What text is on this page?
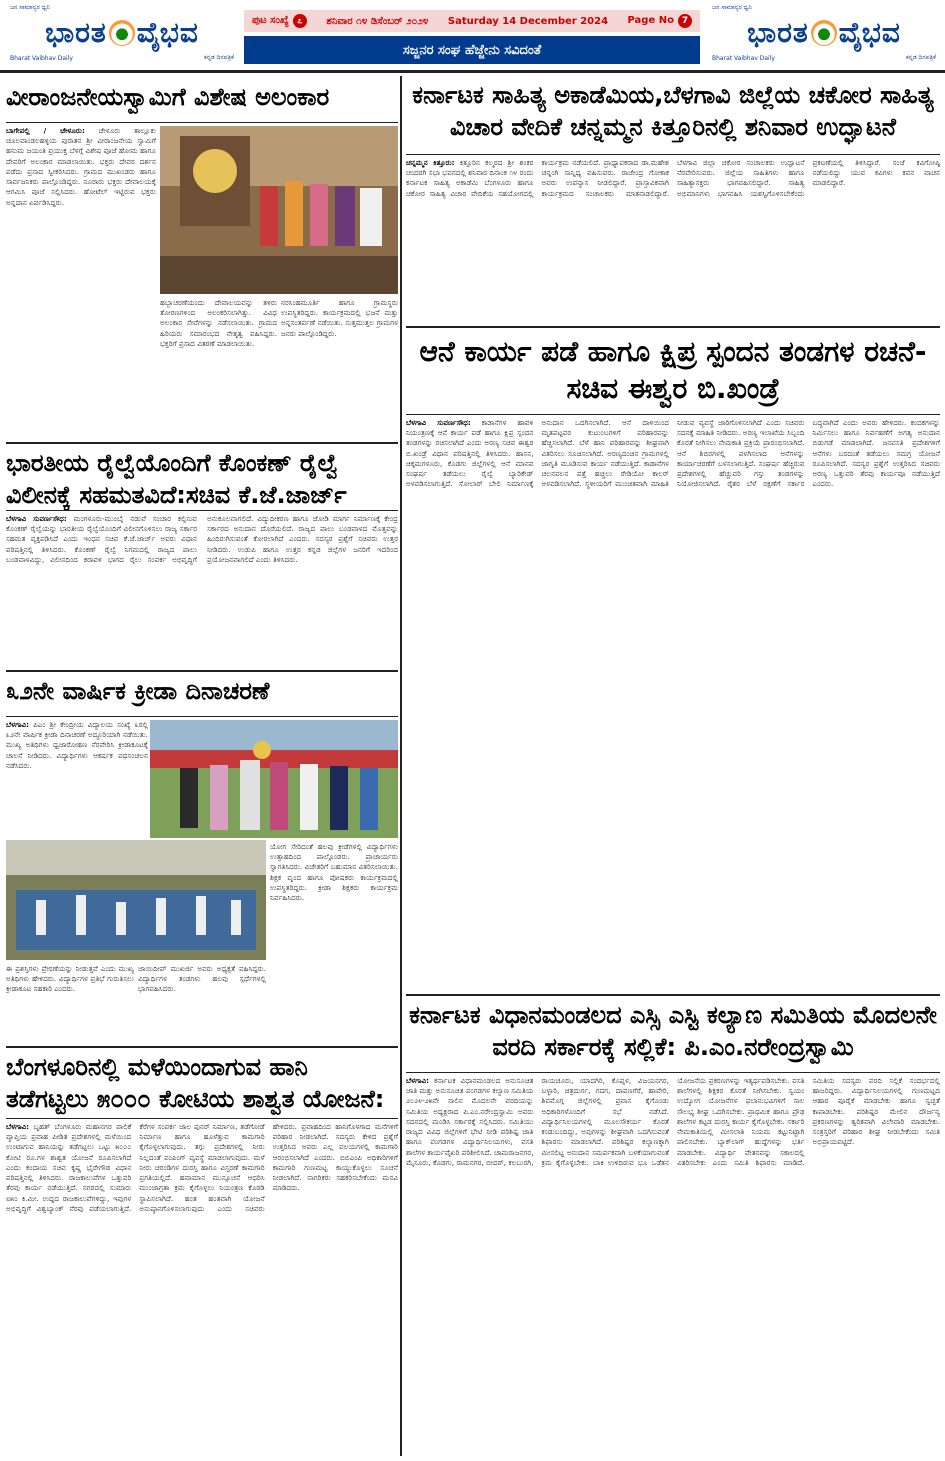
ಜನ ಸಾಮಾನ್ಯರ ಧ್ವನಿ
ಭಾರತ ವೈಭವ
Bharat Vaibhav Daily	ಕನ್ನಡ ದಿನಪತ್ರಿಕೆ
ಪುಟ ಸಂಖ್ಯೆ ೭	ಶನಿವಾರ ೧೪ ಡಿಸೆಂಬರ್ ೨೦೨೪ Saturday 14 December 2024 Page No 7
ಸಜ್ಜನರ ಸಂಘ ಹೆಜ್ಜೇನು ಸವಿದಂತೆ
ಜನ ಸಾಮಾನ್ಯರ ಧ್ವನಿ
ಭಾರತ ವೈಭವ
Bharat Vaibhav Daily	ಕನ್ನಡ ದಿನಪತ್ರಿಕೆ
ವೀರಾಂಜನೇಯಸ್ವಾಮಿಗೆ ವಿಶೇಷ ಅಲಂಕಾರ
ಬಾಗೇಪಲ್ಲಿ / ಚೇಳೂರು: ಚೇಳೂರು ತಾಲ್ಲೂಕು ಚೂಲವಾಂಡಲಹಳ್ಳಿಯ ಪುರಾತನ ಶ್ರೀ ವೀರಾಂಜನೇಯ ಸ್ವಾಮಿಗೆ ಹನುಮ ಜಯಂತಿ ಪ್ರಯುಕ್ತ ಬೆಳಗ್ಗೆ ವಿಶೇಷ ಪೂಜೆ ಹೋಮ ಹಾಗೂ ದೇವರಿಗೆ ಅಲಂಕಾರ ಮಾಡಲಾಯಿತು. ಭಕ್ತರು ದೇವರ ದರ್ಶನ ಪಡೆದು ಪ್ರಸಾದ ಸ್ವೀಕರಿಸಿದರು. ಗ್ರಾಮದ ಮುಖಂಡರು ಹಾಗೂ ಸಾರ್ವಜನಿಕರು ಪಾಲ್ಗೊಂಡಿದ್ದರು. ನೂರಾರು ಭಕ್ತರು ದೇವಾಲಯಕ್ಕೆ ಆಗಮಿಸಿ ಪೂಜೆ ಸಲ್ಲಿಸಿದರು. ಹೋಟೆಲ್ ಇಟ್ಟಿರುವ ಭಕ್ತರು ಅನ್ನದಾನ ಏರ್ಪಡಿಸಿದ್ದರು.
ಹಬ್ಬಾಚರಣೆಯಂದು ದೇವಾಲಯವನ್ನು ತಳಿರು ತೋರಣಗಳಿಂದ ಅಲಂಕರಿಸಲಾಗಿತ್ತು. ವಿವಿಧ ಅಲಂಕಾರ ಸೇವೆಗಳನ್ನು ನಡೆಸಲಾಯಿತು. ಗ್ರಾಮದ ಹಿರಿಯರು ಸಮಾರಂಭದ ನೇತೃತ್ವ ವಹಿಸಿದ್ದರು. ಭಕ್ತರಿಗೆ ಪ್ರಸಾದ ವಿತರಣೆ ಮಾಡಲಾಯಿತು.
ನರಸಿಂಹಮೂರ್ತಿ ಹಾಗೂ ಗ್ರಾಮಸ್ಥರು ಉಪಸ್ಥಿತರಿದ್ದರು. ಕಾರ್ಯಕ್ರಮದಲ್ಲಿ ಭಜನೆ ಮತ್ತು ಅನ್ನಸಂತರ್ಪಣೆ ನಡೆಯಿತು. ಸುತ್ತಮುತ್ತಲ ಗ್ರಾಮಗಳ ಜನರು ಪಾಲ್ಗೊಂಡಿದ್ದರು.
ಭಾರತೀಯ ರೈಲ್ವೆಯೊಂದಿಗೆ ಕೊಂಕಣ್ ರೈಲ್ವೆ ವಿಲೀನಕ್ಕೆ ಸಹಮತವಿದೆ:ಸಚಿವ ಕೆ.ಜೆ.ಜಾರ್ಜ್
ಬೆಳಗಾವಿ ಸುವರ್ಣಸೌಧ: ಮಂಗಳೂರು-ಮುಂಬೈ ನಡುವೆ ಸಂಚಾರ ಕಲ್ಪಿಸುವ ಕೊಂಕಣ್ ರೈಲ್ವೆಯನ್ನು ಭಾರತೀಯ ರೈಲ್ವೆಯೊಂದಿಗೆ ವಿಲೀನಗೊಳಿಸಲು ರಾಜ್ಯ ಸರ್ಕಾರ ಸಹಮತ ವ್ಯಕ್ತಪಡಿಸಿದೆ ಎಂದು ಇಂಧನ ಸಚಿವ ಕೆ.ಜೆ.ಜಾರ್ಜ್ ಅವರು ವಿಧಾನ ಪರಿಷತ್ತಿನಲ್ಲಿ ತಿಳಿಸಿದರು. ಕೊಂಕಣ್ ರೈಲ್ವೆ ನಿಗಮದಲ್ಲಿ ರಾಜ್ಯದ ಪಾಲು ಬಂಡವಾಳವಿದ್ದು, ವಿಲೀನದಿಂದ ಕರಾವಳಿ ಭಾಗದ ರೈಲು ಸಂಪರ್ಕ ಅಭಿವೃದ್ಧಿಗೆ ಅನುಕೂಲವಾಗಲಿದೆ. ವಿದ್ಯುದೀಕರಣ ಹಾಗೂ ಜೋಡಿ ಮಾರ್ಗ ನಿರ್ಮಾಣಕ್ಕೆ ಕೇಂದ್ರ ಸರ್ಕಾರದ ಅನುದಾನ ದೊರೆಯಲಿದೆ. ರಾಜ್ಯದ ಪಾಲು ಬಂಡವಾಳದ ಮೊತ್ತವನ್ನು ಹಿಂದಿರುಗಿಸುವಂತೆ ಕೋರಲಾಗಿದೆ ಎಂದರು. ಸದಸ್ಯರ ಪ್ರಶ್ನೆಗೆ ಸಚಿವರು ಉತ್ತರ ನೀಡಿದರು. ಉಡುಪಿ ಹಾಗೂ ಉತ್ತರ ಕನ್ನಡ ಜಿಲ್ಲೆಗಳ ಜನರಿಗೆ ಇದರಿಂದ ಪ್ರಯೋಜನವಾಗಲಿದೆ ಎಂದು ತಿಳಿಸಿದರು.
೩೨ನೇ ವಾರ್ಷಿಕ ಕ್ರೀಡಾ ದಿನಾಚರಣೆ
ಬೆಳಗಾವಿ: ಪಿಎಂ ಶ್ರೀ ಕೇಂದ್ರೀಯ ವಿದ್ಯಾಲಯ ಸಂಖ್ಯೆ ೩ರಲ್ಲಿ ೩೨ನೇ ವಾರ್ಷಿಕ ಕ್ರೀಡಾ ದಿನಾಚರಣೆ ಅದ್ಧೂರಿಯಾಗಿ ನಡೆಯಿತು. ಮುಖ್ಯ ಅತಿಥಿಗಳು ಧ್ವಜಾರೋಹಣ ನೆರವೇರಿಸಿ ಕ್ರೀಡಾಕೂಟಕ್ಕೆ ಚಾಲನೆ ನೀಡಿದರು. ವಿದ್ಯಾರ್ಥಿಗಳು ಆಕರ್ಷಕ ಪಥಸಂಚಲನ ನಡೆಸಿದರು.
ಯೋಗ ಸೇರಿದಂತೆ ಹಲವು ಕ್ರೀಡೆಗಳಲ್ಲಿ ವಿದ್ಯಾರ್ಥಿಗಳು ಉತ್ಸಾಹದಿಂದ ಪಾಲ್ಗೊಂಡರು. ಪ್ರಾಚಾರ್ಯರು ಸ್ವಾಗತಿಸಿದರು. ವಿಜೇತರಿಗೆ ಬಹುಮಾನ ವಿತರಿಸಲಾಯಿತು. ಶಿಕ್ಷಕ ವೃಂದ ಹಾಗೂ ಪೋಷಕರು ಕಾರ್ಯಕ್ರಮದಲ್ಲಿ ಉಪಸ್ಥಿತರಿದ್ದರು. ಕ್ರೀಡಾ ಶಿಕ್ಷಕರು ಕಾರ್ಯಕ್ರಮ ನಿರ್ವಹಿಸಿದರು.
ಈ ಪ್ರಶಸ್ತಿಗಳು ಪ್ರೇರಣೆಯನ್ನು ನೀಡುತ್ತವೆ ಎಂದು ಮುಖ್ಯ ಅತಿಥಿಗಳು ಹೇಳಿದರು. ವಿದ್ಯಾರ್ಥಿಗಳ ಪ್ರತಿಭೆ ಗುರುತಿಸಲು ಕ್ರೀಡಾಕೂಟ ಸಹಕಾರಿ ಎಂದರು.
ಜಾಯಿದೀಪ್ ಮುಖರ್ಜಿ ಅವರು ಅಧ್ಯಕ್ಷತೆ ವಹಿಸಿದ್ದರು. ವಿದ್ಯಾರ್ಥಿಗಳ ತಂಡಗಳು ಹಲವು ಸ್ಪರ್ಧೆಗಳಲ್ಲಿ ಭಾಗವಹಿಸಿದರು.
ಬೆಂಗಳೂರಿನಲ್ಲಿ ಮಳೆಯಿಂದಾಗುವ ಹಾನಿ ತಡೆಗಟ್ಟಲು ೫೦೦೦ ಕೋಟಿಯ ಶಾಶ್ವತ ಯೋಜನೆ:
ಬೆಳಗಾವಿ: ಬೃಹತ್ ಬೆಂಗಳೂರು ಮಹಾನಗರ ಪಾಲಿಕೆ ವ್ಯಾಪ್ತಿಯ ಪ್ರವಾಹ ಪೀಡಿತ ಪ್ರದೇಶಗಳಲ್ಲಿ ಮಳೆಯಿಂದ ಉಂಟಾಗುವ ಹಾನಿಯನ್ನು ತಡೆಗಟ್ಟಲು ಒಟ್ಟು ೫೦೦೦ ಕೋಟಿ ರೂ.ಗಳ ಶಾಶ್ವತ ಯೋಜನೆ ರೂಪಿಸಲಾಗಿದೆ ಎಂದು ಕಂದಾಯ ಸಚಿವ ಕೃಷ್ಣ ಭೈರೇಗೌಡ ವಿಧಾನ ಪರಿಷತ್ತಿನಲ್ಲಿ ತಿಳಿಸಿದರು. ರಾಜಕಾಲುವೆಗಳ ಒತ್ತುವರಿ ತೆರವು ಕಾರ್ಯ ನಡೆಯುತ್ತಿದೆ. ನಗರದಲ್ಲಿ ಸುಮಾರು ೮೫೦ ಕಿ.ಮೀ. ಉದ್ದದ ರಾಜಕಾಲುವೆಗಳಿದ್ದು, ಇವುಗಳ ಅಭಿವೃದ್ಧಿಗೆ ವಿಶ್ವಬ್ಯಾಂಕ್ ನೆರವು ಪಡೆಯಲಾಗುತ್ತಿದೆ. ಕೆರೆಗಳ ಸಂಪರ್ಕ ಜಾಲ ಪುನರ್ ನಿರ್ಮಾಣ, ತಡೆಗೋಡೆ ನಿರ್ಮಾಣ ಹಾಗೂ ಹೂಳೆತ್ತುವ ಕಾಮಗಾರಿ ಕೈಗೊಳ್ಳಲಾಗುವುದು. ತಗ್ಗು ಪ್ರದೇಶಗಳಲ್ಲಿ ನೀರು ನಿಲ್ಲದಂತೆ ಪಂಪಿಂಗ್ ವ್ಯವಸ್ಥೆ ಮಾಡಲಾಗುವುದು. ಮಳೆ ನೀರು ಚರಂಡಿಗಳ ದುರಸ್ತಿ ಹಾಗೂ ವಿಸ್ತರಣೆ ಕಾಮಗಾರಿ ಪ್ರಗತಿಯಲ್ಲಿದೆ. ಹವಾಮಾನ ಮುನ್ಸೂಚನೆ ಆಧರಿಸಿ ಮುಂಜಾಗ್ರತಾ ಕ್ರಮ ಕೈಗೊಳ್ಳಲು ನಿಯಂತ್ರಣ ಕೊಠಡಿ ಸ್ಥಾಪಿಸಲಾಗಿದೆ. ಹಂತ ಹಂತವಾಗಿ ಯೋಜನೆ ಅನುಷ್ಠಾನಗೊಳಿಸಲಾಗುವುದು ಎಂದು ಸಚಿವರು ಹೇಳಿದರು. ಪ್ರವಾಹದಿಂದ ಹಾನಿಗೊಳಗಾದ ಮನೆಗಳಿಗೆ ಪರಿಹಾರ ನೀಡಲಾಗಿದೆ. ಸದಸ್ಯರು ಕೇಳಿದ ಪ್ರಶ್ನೆಗೆ ಉತ್ತರಿಸಿದ ಅವರು ಎಲ್ಲ ವಲಯಗಳಲ್ಲಿ ಕಾಮಗಾರಿ ಆರಂಭಿಸಲಾಗಿದೆ ಎಂದರು. ಬಿಬಿಎಂಪಿ ಅಧಿಕಾರಿಗಳಿಗೆ ಕಾಮಗಾರಿ ಗುಣಮಟ್ಟ ಕಾಯ್ದುಕೊಳ್ಳಲು ಸೂಚನೆ ನೀಡಲಾಗಿದೆ. ನಾಗರಿಕರು ಸಹಕರಿಸಬೇಕೆಂದು ಮನವಿ ಮಾಡಿದರು.
ಕರ್ನಾಟಕ ಸಾಹಿತ್ಯ ಅಕಾಡೆಮಿಯ,ಬೆಳಗಾವಿ ಜಿಲ್ಲೆಯ ಚಕೋರ ಸಾಹಿತ್ಯ ವಿಚಾರ ವೇದಿಕೆ ಚನ್ನಮ್ಮನ ಕಿತ್ತೂರಿನಲ್ಲಿ ಶನಿವಾರ ಉದ್ಘಾಟನೆ
ಚನ್ನಮ್ಮನ ಕಿತ್ತೂರು: ಕಿತ್ತೂರಿನ ಕಲ್ಮಠದ ಶ್ರೀ ಶಂಕರ ಚಂದರಗಿ ಸಭಾ ಭವನದಲ್ಲಿ ಶನಿವಾರ ದಿನಾಂಕ ೧೪ ರಂದು ಕರ್ನಾಟಕ ಸಾಹಿತ್ಯ ಅಕಾಡೆಮಿ ಬೆಂಗಳೂರು ಹಾಗೂ ಚಕೋರ ಸಾಹಿತ್ಯ ವಿಚಾರ ವೇದಿಕೆಯ ಸಹಯೋಗದಲ್ಲಿ ಕಾರ್ಯಕ್ರಮ ನಡೆಯಲಿದೆ. ಪ್ರಾಧ್ಯಾಪಕರಾದ ಡಾ.ಮಹೇಶ ಚನ್ನಂಗಿ ಸಾನ್ನಿಧ್ಯ ವಹಿಸುವರು. ರಾಜೇಂದ್ರ ಗೋಕಾಕ ಅವರು ಉಪನ್ಯಾಸ ನೀಡಲಿದ್ದಾರೆ. ಪ್ರಾಸ್ತಾವಿಕವಾಗಿ ಕಾರ್ಯಕ್ರಮದ ಸಂಚಾಲಕರು ಮಾತನಾಡಲಿದ್ದಾರೆ. ಬೆಳಗಾವಿ ಜಿಲ್ಲಾ ಚಕೋರ ಸಂಚಾಲಕರು ಉದ್ಘಾಟನೆ ನೆರವೇರಿಸುವರು. ಜಿಲ್ಲೆಯ ಸಾಹಿತಿಗಳು ಹಾಗೂ ಸಾಹಿತ್ಯಾಸಕ್ತರು ಭಾಗವಹಿಸಲಿದ್ದಾರೆ. ಸಾಹಿತ್ಯ ಅಭಿಮಾನಿಗಳು ಭಾಗವಹಿಸಿ ಯಶಸ್ವಿಗೊಳಿಸಬೇಕೆಂದು ಪ್ರಕಟಣೆಯಲ್ಲಿ ತಿಳಿಸಿದ್ದಾರೆ. ಸಂಜೆ ಕವಿಗೋಷ್ಠಿ ನಡೆಯಲಿದ್ದು ಯುವ ಕವಿಗಳು ಕವನ ವಾಚನ ಮಾಡಲಿದ್ದಾರೆ.
ಆನೆ ಕಾರ್ಯ ಪಡೆ ಹಾಗೂ ಕ್ಷಿಪ್ರ ಸ್ಪಂದನ ತಂಡಗಳ ರಚನೆ-ಸಚಿವ ಈಶ್ವರ ಬಿ.ಖಂಡ್ರೆ
ಬೆಳಗಾವಿ ಸುವರ್ಣಸೌಧ: ಕಾಡಾನೆಗಳ ಹಾವಳಿ ನಿಯಂತ್ರಣಕ್ಕೆ ಆನೆ ಕಾರ್ಯ ಪಡೆ ಹಾಗೂ ಕ್ಷಿಪ್ರ ಸ್ಪಂದನ ತಂಡಗಳನ್ನು ರಚಿಸಲಾಗಿದೆ ಎಂದು ಅರಣ್ಯ ಸಚಿವ ಈಶ್ವರ ಬಿ.ಖಂಡ್ರೆ ವಿಧಾನ ಪರಿಷತ್ತಿನಲ್ಲಿ ತಿಳಿಸಿದರು. ಹಾಸನ, ಚಿಕ್ಕಮಗಳೂರು, ಕೊಡಗು ಜಿಲ್ಲೆಗಳಲ್ಲಿ ಆನೆ ಮಾನವ ಸಂಘರ್ಷ ತಡೆಯಲು ರೈಲ್ವೆ ಬ್ಯಾರಿಕೇಡ್ ಅಳವಡಿಸಲಾಗುತ್ತಿದೆ. ಸೋಲಾರ್ ಬೇಲಿ ನಿರ್ಮಾಣಕ್ಕೆ ಅನುದಾನ ಒದಗಿಸಲಾಗಿದೆ. ಆನೆ ದಾಳಿಯಿಂದ ಮೃತಪಟ್ಟವರ ಕುಟುಂಬಗಳಿಗೆ ಪರಿಹಾರವನ್ನು ಹೆಚ್ಚಿಸಲಾಗಿದೆ. ಬೆಳೆ ಹಾನಿ ಪರಿಹಾರವನ್ನು ಶೀಘ್ರವಾಗಿ ವಿತರಿಸಲು ಸೂಚಿಸಲಾಗಿದೆ. ಅರಣ್ಯದಂಚಿನ ಗ್ರಾಮಗಳಲ್ಲಿ ಜಾಗೃತಿ ಮೂಡಿಸುವ ಕಾರ್ಯ ನಡೆಯುತ್ತಿದೆ. ಕಾಡಾನೆಗಳ ಚಲನವಲನ ಪತ್ತೆ ಹಚ್ಚಲು ರೇಡಿಯೋ ಕಾಲರ್ ಅಳವಡಿಸಲಾಗಿದೆ. ಸ್ಥಳೀಯರಿಗೆ ಮುಂಚಿತವಾಗಿ ಮಾಹಿತಿ ನೀಡುವ ವ್ಯವಸ್ಥೆ ಜಾರಿಗೊಳಿಸಲಾಗಿದೆ ಎಂದು ಸಚಿವರು ಸದನಕ್ಕೆ ಮಾಹಿತಿ ನೀಡಿದರು. ಅರಣ್ಯ ಇಲಾಖೆಯ ಸಿಬ್ಬಂದಿ ಕೊರತೆ ನೀಗಿಸಲು ನೇಮಕಾತಿ ಪ್ರಕ್ರಿಯೆ ಪ್ರಾರಂಭಿಸಲಾಗಿದೆ. ಆನೆ ಶಿಬಿರಗಳಲ್ಲಿ ಪಳಗಿಸಲಾದ ಆನೆಗಳನ್ನು ಕಾರ್ಯಾಚರಣೆಗೆ ಬಳಸಲಾಗುತ್ತಿದೆ. ಸಂಘರ್ಷ ಹೆಚ್ಚಿರುವ ಪ್ರದೇಶಗಳಲ್ಲಿ ಹೆಚ್ಚುವರಿ ಗಸ್ತು ತಂಡಗಳನ್ನು ನಿಯೋಜಿಸಲಾಗಿದೆ. ರೈತರ ಬೆಳೆ ರಕ್ಷಣೆಗೆ ಸರ್ಕಾರ ಬದ್ಧವಾಗಿದೆ ಎಂದು ಅವರು ಹೇಳಿದರು. ಕಂದಕಗಳನ್ನು ನಿರ್ಮಿಸಲು ಹಾಗೂ ನಿರ್ವಹಣೆಗೆ ಅಗತ್ಯ ಅನುದಾನ ಬಿಡುಗಡೆ ಮಾಡಲಾಗಿದೆ. ಜನವಸತಿ ಪ್ರದೇಶಗಳಿಗೆ ಆನೆಗಳು ಬರದಂತೆ ತಡೆಯಲು ಸಮಗ್ರ ಯೋಜನೆ ರೂಪಿಸಲಾಗಿದೆ. ಸದಸ್ಯರ ಪ್ರಶ್ನೆಗೆ ಉತ್ತರಿಸಿದ ಸಚಿವರು ಅರಣ್ಯ ಒತ್ತುವರಿ ತೆರವು ಕಾರ್ಯವೂ ನಡೆಯುತ್ತಿದೆ ಎಂದರು.
ಕರ್ನಾಟಕ ವಿಧಾನಮಂಡಲದ ಎಸ್ಸಿ ಎಸ್ಟಿ ಕಲ್ಯಾಣ ಸಮಿತಿಯ ಮೊದಲನೇ ವರದಿ ಸರ್ಕಾರಕ್ಕೆ ಸಲ್ಲಿಕೆ: ಪಿ.ಎಂ.ನರೇಂದ್ರಸ್ವಾಮಿ
ಬೆಳಗಾವಿ: ಕರ್ನಾಟಕ ವಿಧಾನಮಂಡಲದ ಅನುಸೂಚಿತ ಜಾತಿ ಮತ್ತು ಅನುಸೂಚಿತ ಪಂಗಡಗಳ ಕಲ್ಯಾಣ ಸಮಿತಿಯ ೨೦೨೪-೨೫ನೇ ಸಾಲಿನ ಮೊದಲನೇ ವರದಿಯನ್ನು ಸಮಿತಿಯ ಅಧ್ಯಕ್ಷರಾದ ಪಿ.ಎಂ.ನರೇಂದ್ರಸ್ವಾಮಿ ಅವರು ಸದನದಲ್ಲಿ ಮಂಡಿಸಿ ಸರ್ಕಾರಕ್ಕೆ ಸಲ್ಲಿಸಿದರು. ಸಮಿತಿಯು ರಾಜ್ಯದ ವಿವಿಧ ಜಿಲ್ಲೆಗಳಿಗೆ ಭೇಟಿ ನೀಡಿ ಪರಿಶಿಷ್ಟ ಜಾತಿ ಹಾಗೂ ಪಂಗಡಗಳ ವಿದ್ಯಾರ್ಥಿನಿಲಯಗಳು, ವಸತಿ ಶಾಲೆಗಳ ಕಾರ್ಯವೈಖರಿ ಪರಿಶೀಲಿಸಿದೆ. ಚಾಮರಾಜನಗರ, ಮೈಸೂರು, ಕೊಡಗು, ರಾಮನಗರ, ಬೀದರ್, ಕಲಬುರಗಿ, ರಾಯಚೂರು, ಯಾದಗಿರಿ, ಕೊಪ್ಪಳ, ವಿಜಯನಗರ, ಬಳ್ಳಾರಿ, ಚಿತ್ರದುರ್ಗ, ಗದಗ, ದಾವಣಗೆರೆ, ಹಾವೇರಿ, ಶಿವಮೊಗ್ಗ ಜಿಲ್ಲೆಗಳಲ್ಲಿ ಪ್ರವಾಸ ಕೈಗೊಂಡು ಅಧಿಕಾರಿಗಳೊಂದಿಗೆ ಸಭೆ ನಡೆಸಿದೆ. ವಿದ್ಯಾರ್ಥಿನಿಲಯಗಳಲ್ಲಿ ಮೂಲಸೌಕರ್ಯ ಕೊರತೆ ಕಂಡುಬಂದಿದ್ದು, ಅವುಗಳನ್ನು ಶೀಘ್ರವಾಗಿ ಒದಗಿಸುವಂತೆ ಶಿಫಾರಸು ಮಾಡಲಾಗಿದೆ. ಪರಿಶಿಷ್ಟರ ಕಲ್ಯಾಣಕ್ಕಾಗಿ ಮೀಸಲಿಟ್ಟ ಅನುದಾನ ಸಮರ್ಪಕವಾಗಿ ಬಳಕೆಯಾಗುವಂತೆ ಕ್ರಮ ಕೈಗೊಳ್ಳಬೇಕು. ಬಾಕಿ ಉಳಿದಿರುವ ಭೂ ಒಡೆತನ ಯೋಜನೆಯ ಪ್ರಕರಣಗಳನ್ನು ಇತ್ಯರ್ಥಪಡಿಸಬೇಕು. ವಸತಿ ಶಾಲೆಗಳಲ್ಲಿ ಶಿಕ್ಷಕರ ಕೊರತೆ ನೀಗಿಸಬೇಕು. ಸ್ವಯಂ ಉದ್ಯೋಗ ಯೋಜನೆಗಳ ಫಲಾನುಭವಿಗಳಿಗೆ ಸಾಲ ಸೌಲಭ್ಯ ಶೀಘ್ರ ಒದಗಿಸಬೇಕು. ಪ್ರಾಥಮಿಕ ಹಾಗೂ ಪ್ರೌಢ ಶಾಲೆಗಳ ಕಟ್ಟಡ ದುರಸ್ತಿ ಕಾರ್ಯ ಕೈಗೊಳ್ಳಬೇಕು. ಸರ್ಕಾರಿ ನೇಮಕಾತಿಯಲ್ಲಿ ಮೀಸಲಾತಿ ನಿಯಮ ಕಟ್ಟುನಿಟ್ಟಾಗಿ ಪಾಲಿಸಬೇಕು. ಬ್ಯಾಕ್‌ಲಾಗ್ ಹುದ್ದೆಗಳನ್ನು ಭರ್ತಿ ಮಾಡಬೇಕು. ವಿದ್ಯಾರ್ಥಿ ವೇತನವನ್ನು ಸಕಾಲದಲ್ಲಿ ವಿತರಿಸಬೇಕು ಎಂದು ಸಮಿತಿ ಶಿಫಾರಸು ಮಾಡಿದೆ. ಸಮಿತಿಯ ಸದಸ್ಯರು ವರದಿ ಸಲ್ಲಿಕೆ ಸಂದರ್ಭದಲ್ಲಿ ಹಾಜರಿದ್ದರು. ವಿದ್ಯಾರ್ಥಿನಿಲಯಗಳಲ್ಲಿ ಗುಣಮಟ್ಟದ ಆಹಾರ ಪೂರೈಕೆ ಮಾಡಬೇಕು ಹಾಗೂ ಸ್ವಚ್ಛತೆ ಕಾಪಾಡಬೇಕು. ಪರಿಶಿಷ್ಟರ ಮೇಲಿನ ದೌರ್ಜನ್ಯ ಪ್ರಕರಣಗಳನ್ನು ತ್ವರಿತವಾಗಿ ವಿಲೇವಾರಿ ಮಾಡಬೇಕು. ಸಂತ್ರಸ್ತರಿಗೆ ಪರಿಹಾರ ಶೀಘ್ರ ನೀಡಬೇಕೆಂದು ಸಮಿತಿ ಅಭಿಪ್ರಾಯಪಟ್ಟಿದೆ.
